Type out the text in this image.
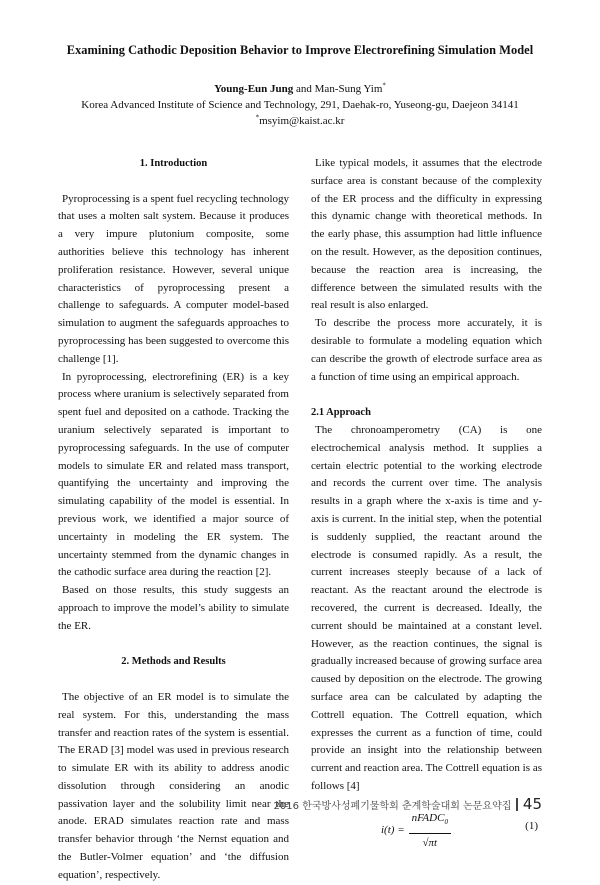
Examining Cathodic Deposition Behavior to Improve Electrorefining Simulation Model
Young-Eun Jung and Man-Sung Yim*
Korea Advanced Institute of Science and Technology, 291, Daehak-ro, Yuseong-gu, Daejeon 34141
*msyim@kaist.ac.kr
1. Introduction

Pyroprocessing is a spent fuel recycling technology that uses a molten salt system. Because it produces a very impure plutonium composite, some authorities believe this technology has inherent proliferation resistance. However, several unique characteristics of pyroprocessing present a challenge to safeguards. A computer model-based simulation to augment the safeguards approaches to pyroprocessing has been suggested to overcome this challenge [1].

In pyroprocessing, electrorefining (ER) is a key process where uranium is selectively separated from spent fuel and deposited on a cathode. Tracking the uranium selectively separated is important to pyroprocessing safeguards. In the use of computer models to simulate ER and related mass transport, quantifying the uncertainty and improving the simulating capability of the model is essential. In previous work, we identified a major source of uncertainty in modeling the ER system. The uncertainty stemmed from the dynamic changes in the cathodic surface area during the reaction [2].

Based on those results, this study suggests an approach to improve the model’s ability to simulate the ER.

2. Methods and Results

The objective of an ER model is to simulate the real system. For this, understanding the mass transfer and reaction rates of the system is essential. The ERAD [3] model was used in previous research to simulate ER with its ability to address anodic dissolution through considering an anodic passivation layer and the solubility limit near the anode. ERAD simulates reaction rate and mass transfer behavior through ‘the Nernst equation and the Butler-Volmer equation’ and ‘the diffusion equation’, respectively.

Like typical models, it assumes that the electrode surface area is constant because of the complexity of the ER process and the difficulty in expressing this dynamic change with theoretical methods. In the early phase, this assumption had little influence on the result. However, as the deposition continues, because the reaction area is increasing, the difference between the simulated results with the real result is also enlarged.

To describe the process more accurately, it is desirable to formulate a modeling equation which can describe the growth of electrode surface area as a function of time using an empirical approach.

2.1 Approach

The chronoamperometry (CA) is one electrochemical analysis method. It supplies a certain electric potential to the working electrode and records the current over time. The analysis results in a graph where the x-axis is time and y-axis is current. In the initial step, when the potential is suddenly supplied, the reactant around the electrode is consumed rapidly. As a result, the current increases steeply because of a lack of reactant. As the reactant around the electrode is recovered, the current is decreased. Ideally, the current should be maintained at a constant level. However, as the reaction continues, the signal is gradually increased because of growing surface area caused by deposition on the electrode. The growing surface area can be calculated by adapting the Cottrell equation. The Cottrell equation, which expresses the current as a function of time, could provide an insight into the relationship between current and reaction area. The Cottrell equation is as follows [4]

$i(t) = \frac{nFADC_0}{√\pi t}$	(1)
2016 한국방사성폐기물학회 춘계학술대회 논문요약집 45
